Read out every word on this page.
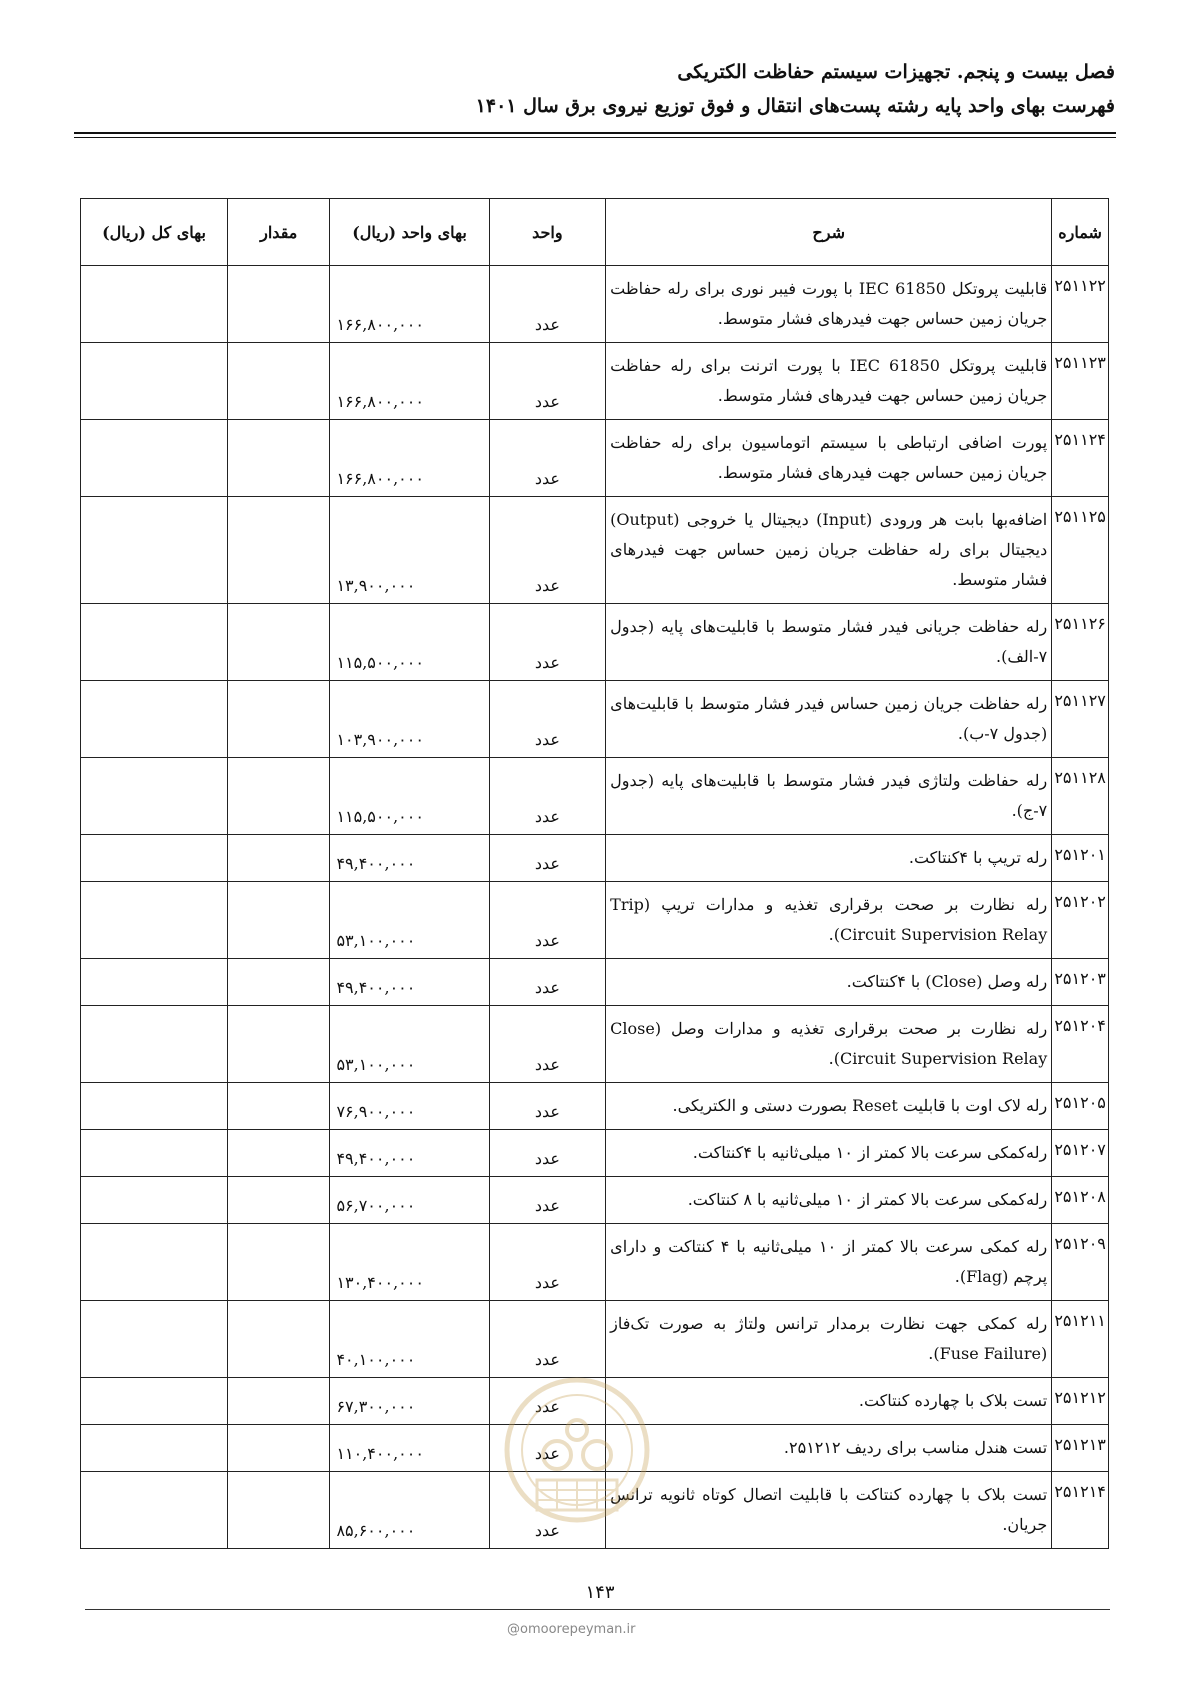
فصل بیست و پنجم. تجهیزات سیستم حفاظت الکتریکی
فهرست بهای واحد پایه رشته پست‌های انتقال و فوق توزیع نیروی برق سال ۱۴۰۱
شماره	شرح	واحد	بهای واحد (ریال)	مقدار	بهای کل (ریال)
۲۵۱۱۲۲	قابلیت پروتکل IEC 61850 با پورت فیبر نوری برای رله حفاظت جریان زمین حساس جهت فیدرهای فشار متوسط.	عدد	۱۶۶,۸۰۰,۰۰۰		
۲۵۱۱۲۳	قابلیت پروتکل IEC 61850 با پورت اترنت برای رله حفاظت جریان زمین حساس جهت فیدرهای فشار متوسط.	عدد	۱۶۶,۸۰۰,۰۰۰		
۲۵۱۱۲۴	پورت اضافی ارتباطی با سیستم اتوماسیون برای رله حفاظت جریان زمین حساس جهت فیدرهای فشار متوسط.	عدد	۱۶۶,۸۰۰,۰۰۰		
۲۵۱۱۲۵	اضافه‌بها بابت هر ورودی (Input) دیجیتال یا خروجی (Output) دیجیتال برای رله حفاظت جریان زمین حساس جهت فیدرهای فشار متوسط.	عدد	۱۳,۹۰۰,۰۰۰		
۲۵۱۱۲۶	رله حفاظت جریانی فیدر فشار متوسط با قابلیت‌های پایه (جدول ۷-الف).	عدد	۱۱۵,۵۰۰,۰۰۰		
۲۵۱۱۲۷	رله حفاظت جریان زمین حساس فیدر فشار متوسط با قابلیت‌های (جدول ۷-ب).	عدد	۱۰۳,۹۰۰,۰۰۰		
۲۵۱۱۲۸	رله حفاظت ولتاژی فیدر فشار متوسط با قابلیت‌های پایه (جدول ۷-ج).	عدد	۱۱۵,۵۰۰,۰۰۰		
۲۵۱۲۰۱	رله تریپ با ۴کنتاکت.	عدد	۴۹,۴۰۰,۰۰۰		
۲۵۱۲۰۲	رله نظارت بر صحت برقراری تغذیه و مدارات تریپ (Trip Circuit Supervision Relay).	عدد	۵۳,۱۰۰,۰۰۰		
۲۵۱۲۰۳	رله وصل (Close) با ۴کنتاکت.	عدد	۴۹,۴۰۰,۰۰۰		
۲۵۱۲۰۴	رله نظارت بر صحت برقراری تغذیه و مدارات وصل (Close Circuit Supervision Relay).	عدد	۵۳,۱۰۰,۰۰۰		
۲۵۱۲۰۵	رله لاک اوت با قابلیت Reset بصورت دستی و الکتریکی.	عدد	۷۶,۹۰۰,۰۰۰		
۲۵۱۲۰۷	رله‌کمکی سرعت بالا کمتر از ۱۰ میلی‌ثانیه با ۴کنتاکت.	عدد	۴۹,۴۰۰,۰۰۰		
۲۵۱۲۰۸	رله‌کمکی سرعت بالا کمتر از ۱۰ میلی‌ثانیه با ۸ کنتاکت.	عدد	۵۶,۷۰۰,۰۰۰		
۲۵۱۲۰۹	رله کمکی سرعت بالا کمتر از ۱۰ میلی‌ثانیه با ۴ کنتاکت و دارای پرچم (Flag).	عدد	۱۳۰,۴۰۰,۰۰۰		
۲۵۱۲۱۱	رله کمکی جهت نظارت برمدار ترانس ولتاژ به صورت تک‌فاز (Fuse Failure).	عدد	۴۰,۱۰۰,۰۰۰		
۲۵۱۲۱۲	تست بلاک با چهارده کنتاکت.	عدد	۶۷,۳۰۰,۰۰۰		
۲۵۱۲۱۳	تست هندل مناسب برای ردیف ۲۵۱۲۱۲.	عدد	۱۱۰,۴۰۰,۰۰۰		
۲۵۱۲۱۴	تست بلاک با چهارده کنتاکت با قابلیت اتصال کوتاه ثانویه ترانس جریان.	عدد	۸۵,۶۰۰,۰۰۰		
۱۴۳
@omoorepeyman.ir
